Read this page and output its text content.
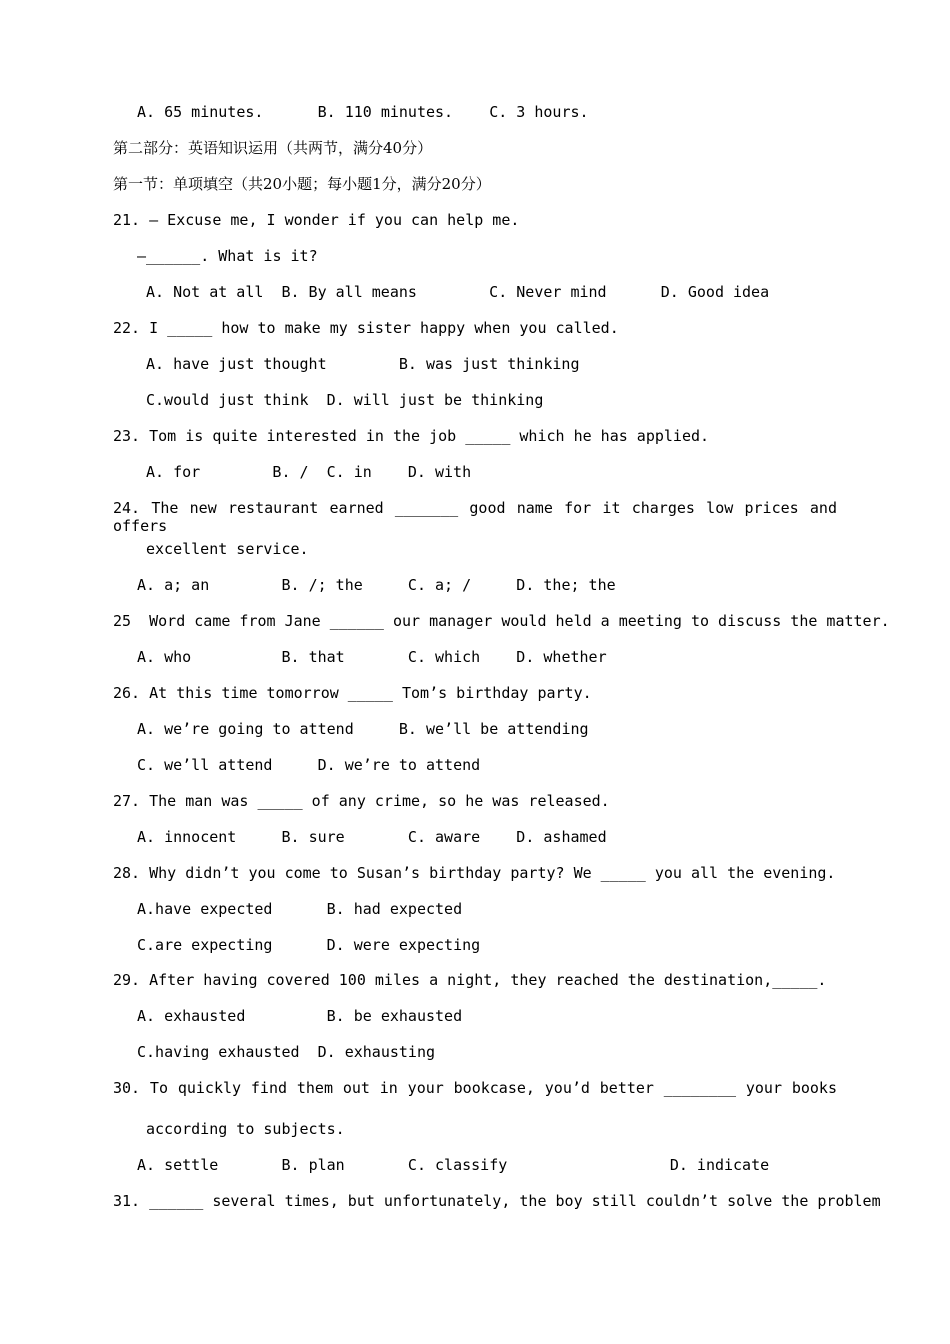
A. 65 minutes.      B. 110 minutes.    C. 3 hours.
第二部分：英语知识运用（共两节，满分40分）
第一节：单项填空（共20小题；每小题1分，满分20分）
21. — Excuse me, I wonder if you can help me.
—______. What is it?
A. Not at all  B. By all means        C. Never mind      D. Good idea
22. I _____ how to make my sister happy when you called.
A. have just thought        B. was just thinking
C.would just think  D. will just be thinking
23. Tom is quite interested in the job _____ which he has applied.
A. for        B. /  C. in    D. with
24. The new restaurant earned _______ good name for it charges low prices and offers
excellent service.
A. a; an        B. /; the     C. a; /     D. the; the
25  Word came from Jane ______ our manager would held a meeting to discuss the matter.
A. who          B. that       C. which    D. whether
26. At this time tomorrow _____ Tom’s birthday party.
A. we’re going to attend     B. we’ll be attending
C. we’ll attend     D. we’re to attend
27. The man was _____ of any crime, so he was released.
A. innocent     B. sure       C. aware    D. ashamed
28. Why didn’t you come to Susan’s birthday party? We _____ you all the evening.
A.have expected      B. had expected
C.are expecting      D. were expecting
29. After having covered 100 miles a night, they reached the destination,_____.
A. exhausted         B. be exhausted
C.having exhausted  D. exhausting
30. To quickly find them out in your bookcase, you’d better ________ your books
according to subjects.
A. settle       B. plan       C. classify                  D. indicate
31. ______ several times, but unfortunately, the boy still couldn’t solve the problem
